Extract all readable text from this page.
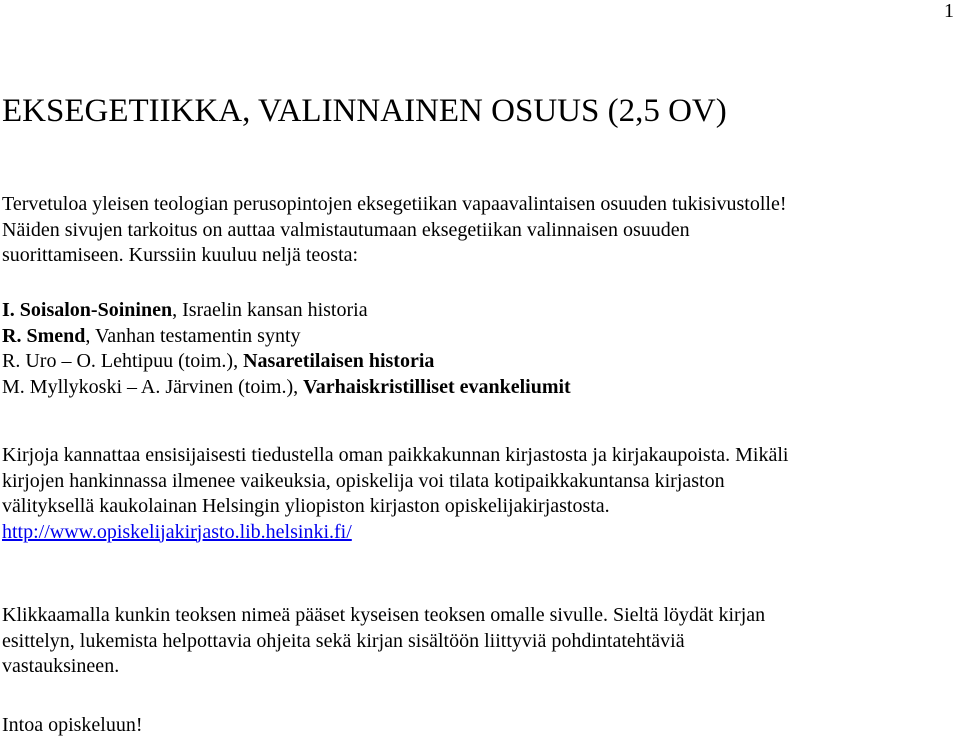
1
EKSEGETIIKKA, VALINNAINEN OSUUS (2,5 OV)

Tervetuloa yleisen teologian perusopintojen eksegetiikan vapaavalintaisen osuuden tukisivustolle!
Näiden sivujen tarkoitus on auttaa valmistautumaan eksegetiikan valinnaisen osuuden
suorittamiseen. Kurssiin kuuluu neljä teosta:

I. Soisalon-Soininen, Israelin kansan historia
R. Smend, Vanhan testamentin synty
R. Uro – O. Lehtipuu (toim.), Nasaretilaisen historia
M. Myllykoski – A. Järvinen (toim.), Varhaiskristilliset evankeliumit

Kirjoja kannattaa ensisijaisesti tiedustella oman paikkakunnan kirjastosta ja kirjakaupoista. Mikäli
kirjojen hankinnassa ilmenee vaikeuksia, opiskelija voi tilata kotipaikkakuntansa kirjaston
välityksellä kaukolainan Helsingin yliopiston kirjaston opiskelijakirjastosta.
http://www.opiskelijakirjasto.lib.helsinki.fi/

Klikkaamalla kunkin teoksen nimeä pääset kyseisen teoksen omalle sivulle. Sieltä löydät kirjan
esittelyn, lukemista helpottavia ohjeita sekä kirjan sisältöön liittyviä pohdintatehtäviä
vastauksineen.

Intoa opiskeluun!
